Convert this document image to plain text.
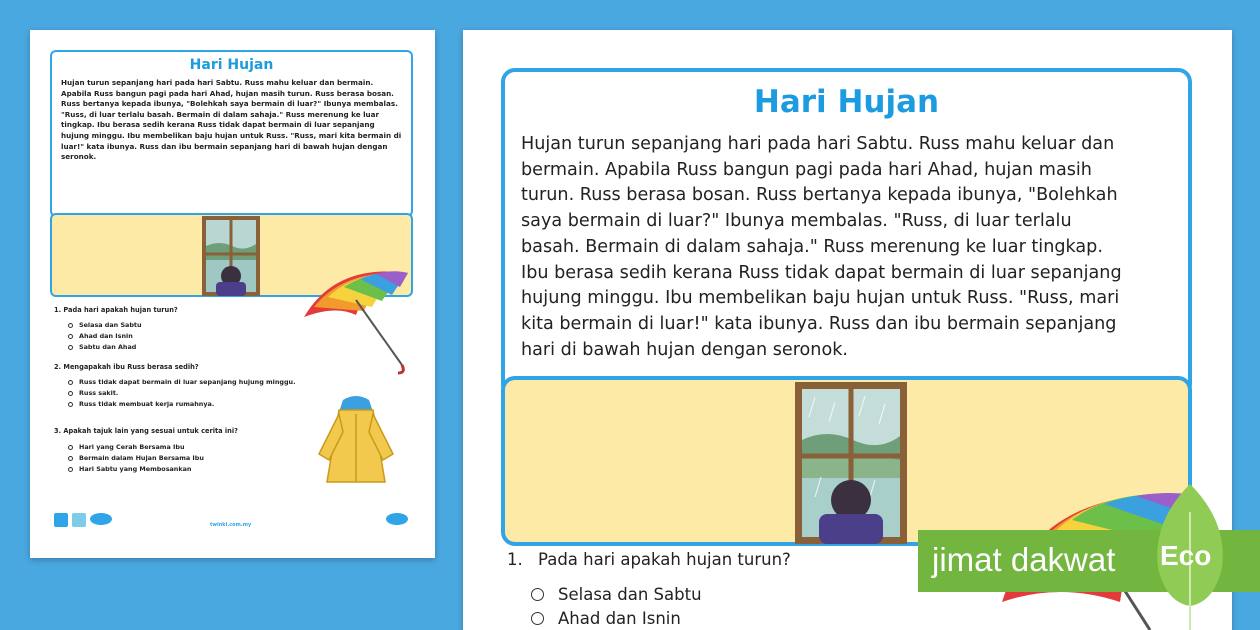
Hari Hujan
Hujan turun sepanjang hari pada hari Sabtu. Russ mahu keluar dan bermain. Apabila Russ bangun pagi pada hari Ahad, hujan masih turun. Russ berasa bosan. Russ bertanya kepada ibunya, "Bolehkah saya bermain di luar?" Ibunya membalas. "Russ, di luar terlalu basah. Bermain di dalam sahaja." Russ merenung ke luar tingkap. Ibu berasa sedih kerana Russ tidak dapat bermain di luar sepanjang hujung minggu. Ibu membelikan baju hujan untuk Russ. "Russ, mari kita bermain di luar!" kata ibunya. Russ dan ibu bermain sepanjang hari di bawah hujan dengan seronok.
1. Pada hari apakah hujan turun?
Selasa dan Sabtu
Ahad dan Isnin
Sabtu dan Ahad
2. Mengapakah ibu Russ berasa sedih?
Russ tidak dapat bermain di luar sepanjang hujung minggu.
Russ sakit.
Russ tidak membuat kerja rumahnya.
3. Apakah tajuk lain yang sesuai untuk cerita ini?
Hari yang Cerah Bersama Ibu
Bermain dalam Hujan Bersama Ibu
Hari Sabtu yang Membosankan
twinkl.com.my
Hari Hujan
Hujan turun sepanjang hari pada hari Sabtu. Russ mahu keluar dan
bermain. Apabila Russ bangun pagi pada hari Ahad, hujan masih
turun. Russ berasa bosan. Russ bertanya kepada ibunya, "Bolehkah
saya bermain di luar?" Ibunya membalas. "Russ, di luar terlalu
basah. Bermain di dalam sahaja." Russ merenung ke luar tingkap.
Ibu berasa sedih kerana Russ tidak dapat bermain di luar sepanjang
hujung minggu. Ibu membelikan baju hujan untuk Russ. "Russ, mari
kita bermain di luar!" kata ibunya. Russ dan ibu bermain sepanjang
hari di bawah hujan dengan seronok.
1. Pada hari apakah hujan turun?
Selasa dan Sabtu
Ahad dan Isnin
jimat dakwat Eco
